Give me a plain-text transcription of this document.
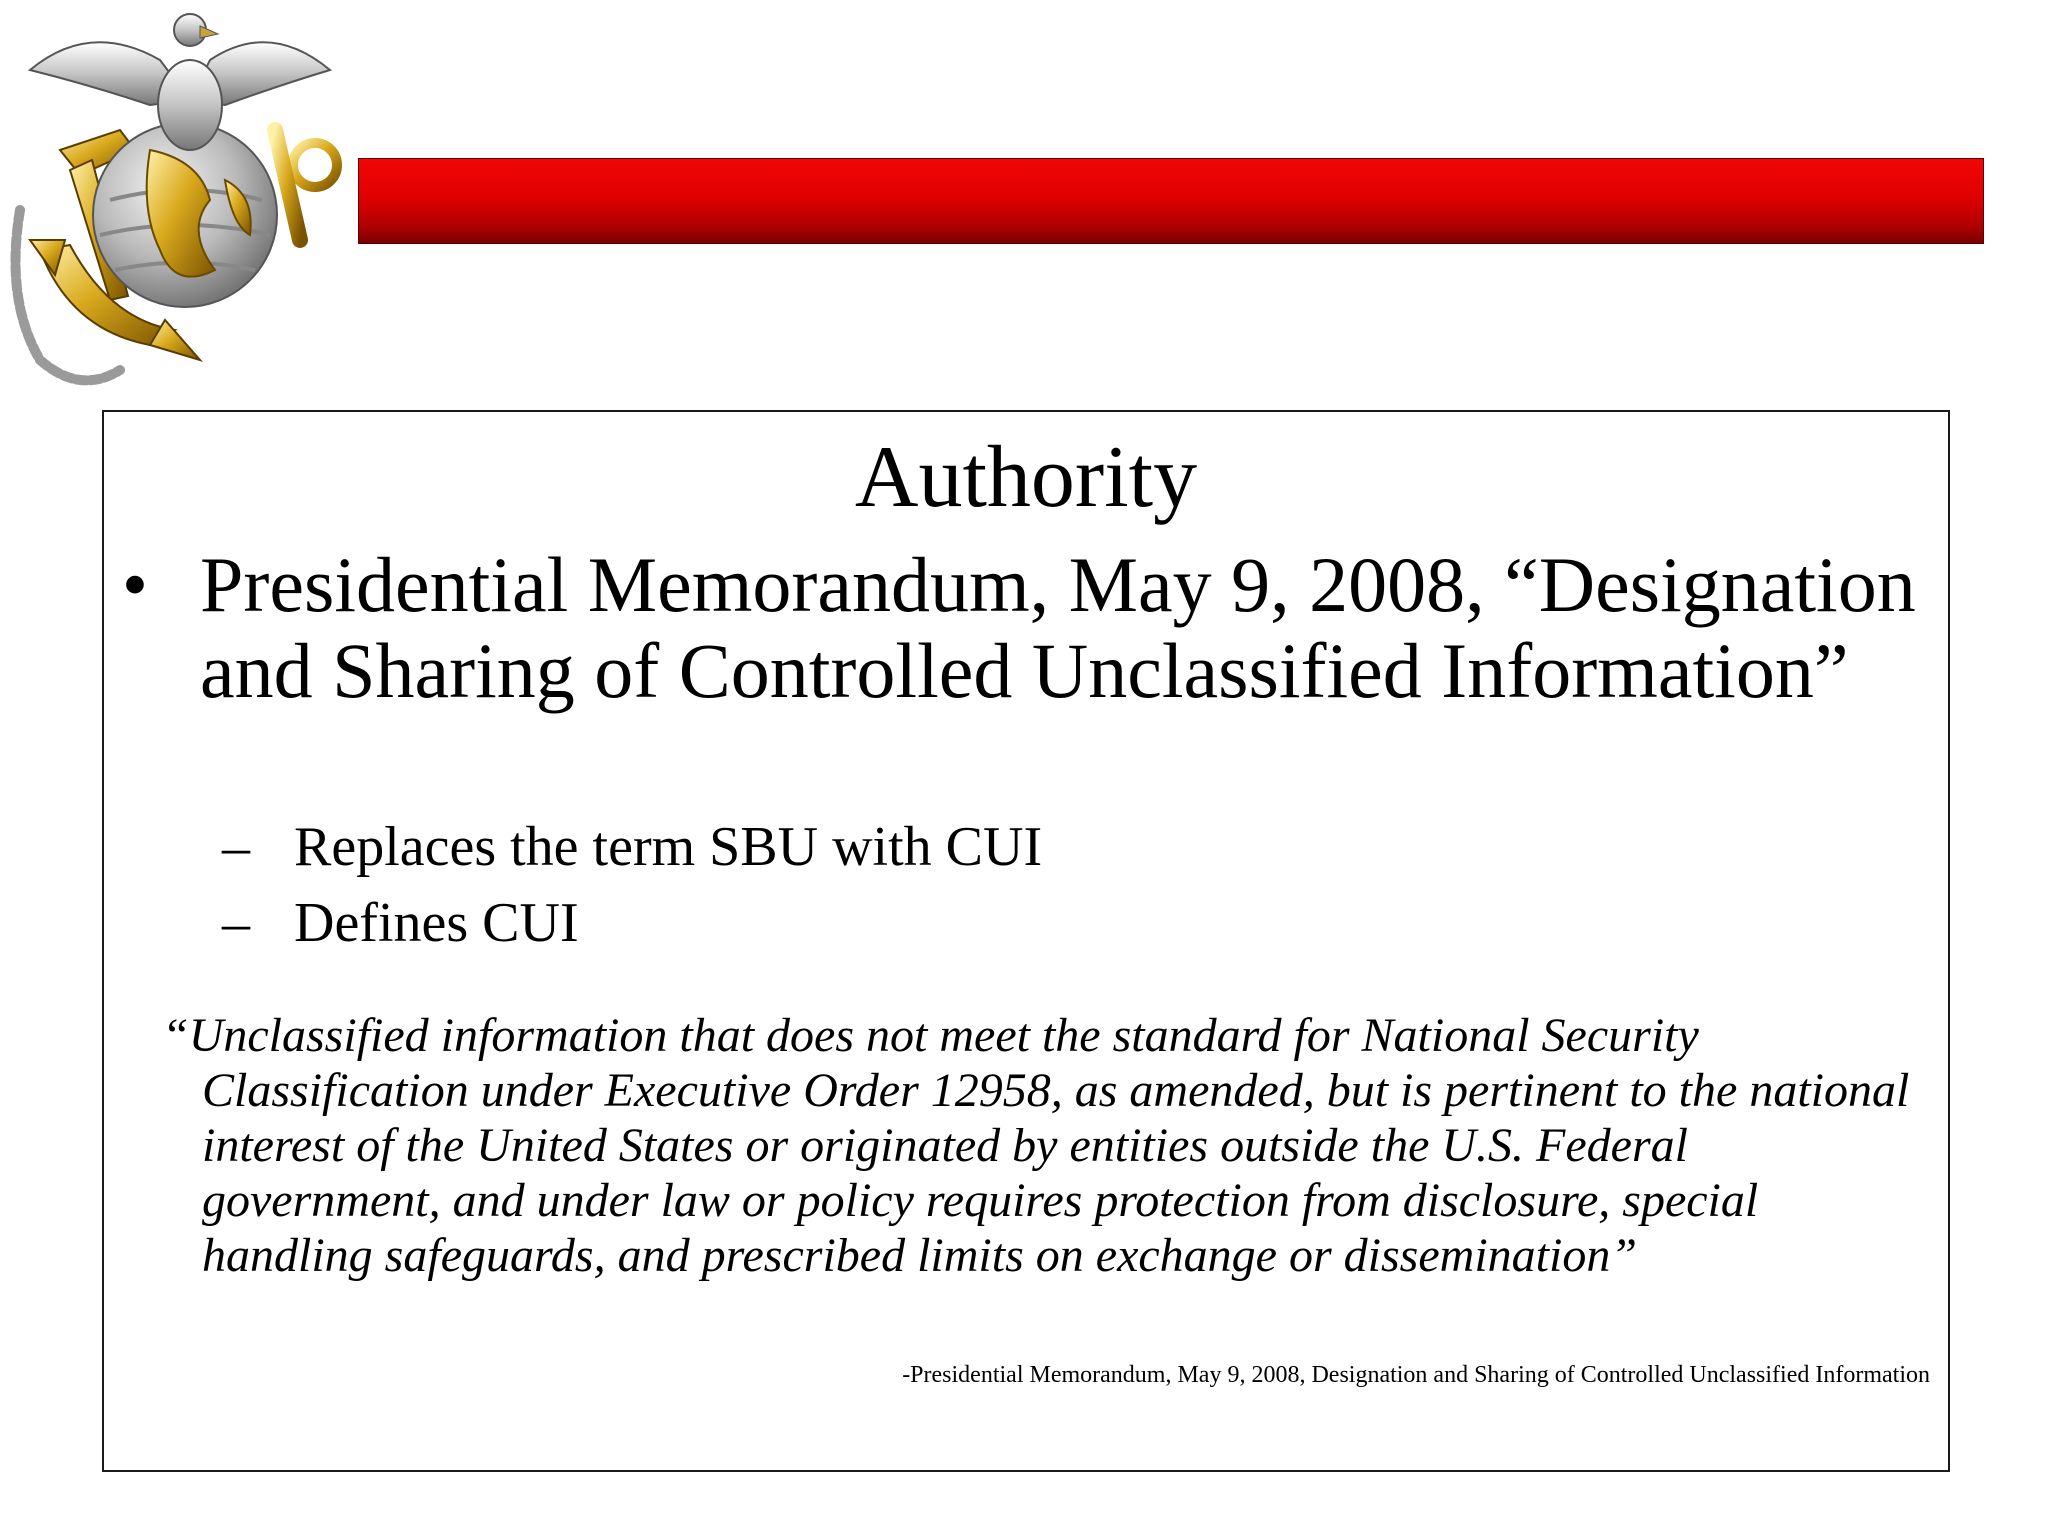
Authority
• Presidential Memorandum, May 9, 2008, “Designation and Sharing of Controlled Unclassified Information”
– Replaces the term SBU with CUI
– Defines CUI
“Unclassified information that does not meet the standard for National Security Classification under Executive Order 12958, as amended, but is pertinent to the national interest of the United States or originated by entities outside the U.S. Federal government, and under law or policy requires protection from disclosure, special handling safeguards, and prescribed limits on exchange or dissemination”
-Presidential Memorandum, May 9, 2008, Designation and Sharing of Controlled Unclassified Information
